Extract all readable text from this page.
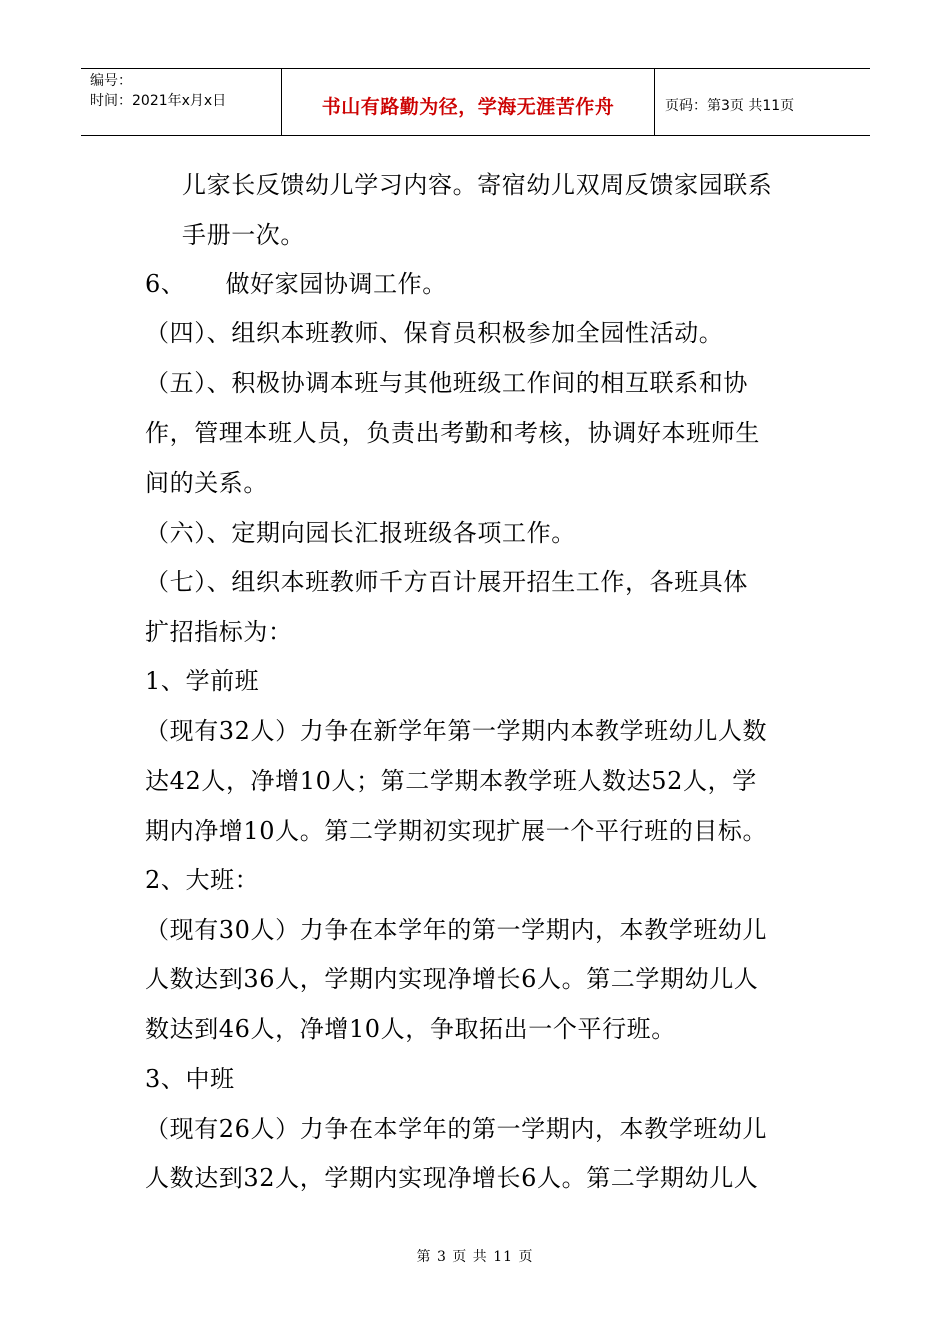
编号：
时间：2021年x月x日	书山有路勤为径，学海无涯苦作舟	页码：第3页 共11页
儿家长反馈幼儿学习内容。寄宿幼儿双周反馈家园联系
手册一次。
6、 做好家园协调工作。
（四）、组织本班教师、保育员积极参加全园性活动。
（五）、积极协调本班与其他班级工作间的相互联系和协
作，管理本班人员，负责出考勤和考核，协调好本班师生
间的关系。
（六）、定期向园长汇报班级各项工作。
（七）、组织本班教师千方百计展开招生工作，各班具体
扩招指标为：
1、学前班
（现有32人）力争在新学年第一学期内本教学班幼儿人数
达42人，净增10人；第二学期本教学班人数达52人，学
期内净增10人。第二学期初实现扩展一个平行班的目标。
2、大班：
（现有30人）力争在本学年的第一学期内，本教学班幼儿
人数达到36人，学期内实现净增长6人。第二学期幼儿人
数达到46人，净增10人，争取拓出一个平行班。
3、中班
（现有26人）力争在本学年的第一学期内，本教学班幼儿
人数达到32人，学期内实现净增长6人。第二学期幼儿人
第 3 页 共 11 页
